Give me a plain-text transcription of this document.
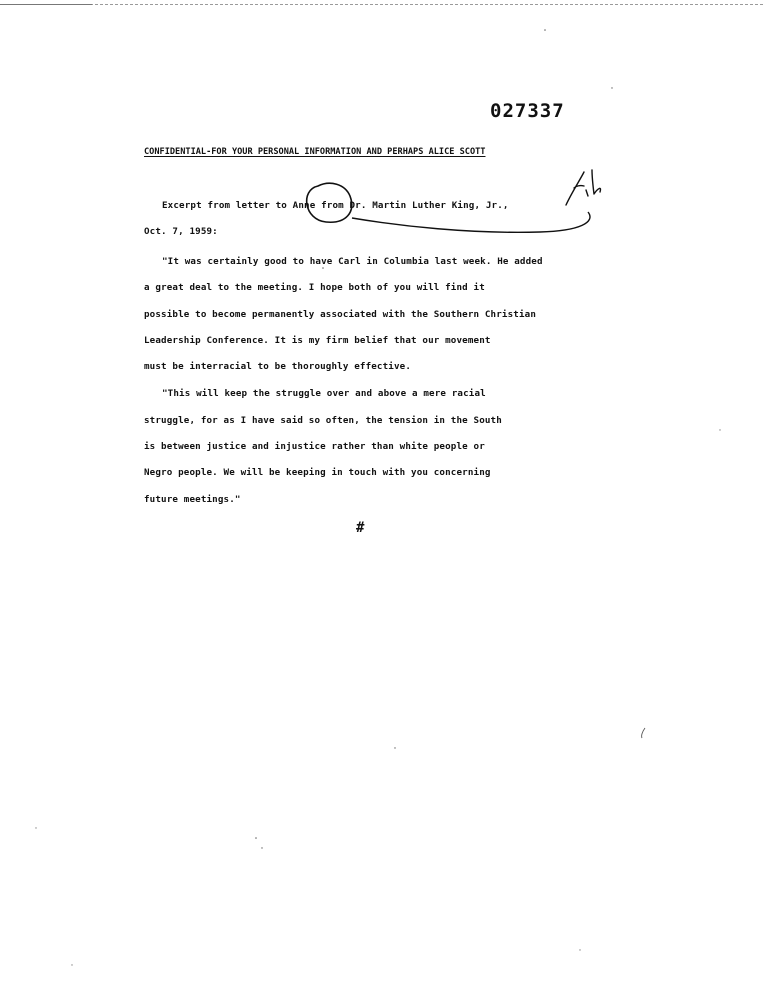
027337
CONFIDENTIAL-FOR YOUR PERSONAL INFORMATION AND PERHAPS ALICE SCOTT
Excerpt from letter to Anne from Dr. Martin Luther King, Jr.,
Oct. 7, 1959:
"It was certainly good to have Carl in Columbia last week. He added
a great deal to the meeting. I hope both of you will find it
possible to become permanently associated with the Southern Christian
Leadership Conference. It is my firm belief that our movement
must be interracial to be thoroughly effective.
"This will keep the struggle over and above a mere racial
struggle, for as I have said so often, the tension in the South
is between justice and injustice rather than white people or
Negro people. We will be keeping in touch with you concerning
future meetings."
#
